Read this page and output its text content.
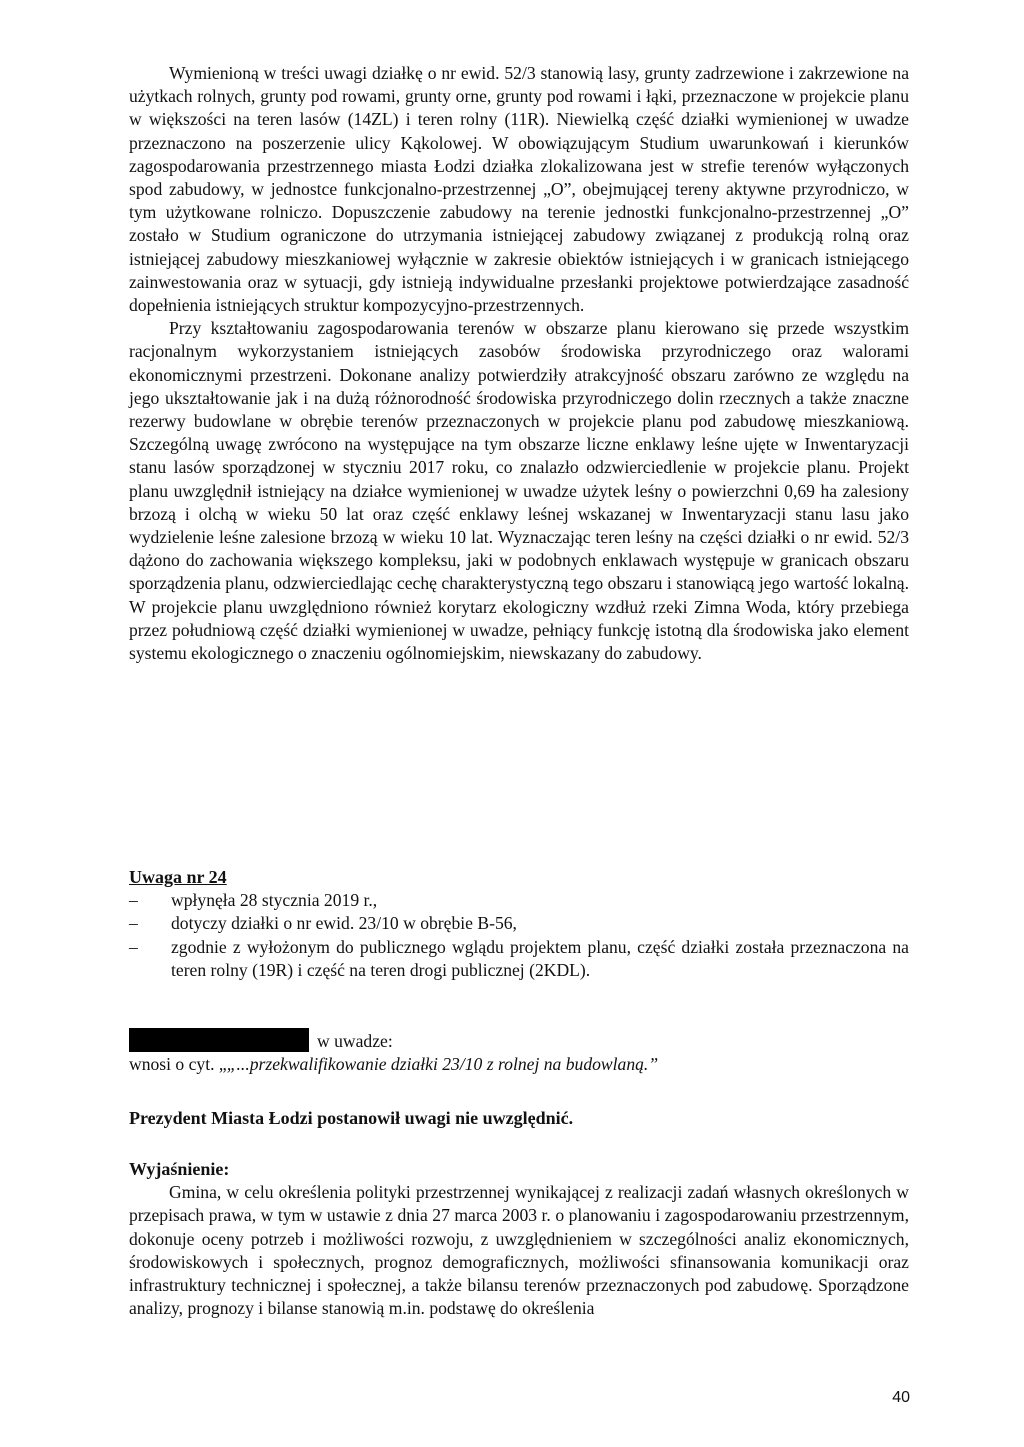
Wymienioną w treści uwagi działkę o nr ewid. 52/3 stanowią lasy, grunty zadrzewione i zakrzewione na użytkach rolnych, grunty pod rowami, grunty orne, grunty pod rowami i łąki, przeznaczone w projekcie planu w większości na teren lasów (14ZL) i teren rolny (11R). Niewielką część działki wymienionej w uwadze przeznaczono na poszerzenie ulicy Kąkolowej. W obowiązującym Studium uwarunkowań i kierunków zagospodarowania przestrzennego miasta Łodzi działka zlokalizowana jest w strefie terenów wyłączonych spod zabudowy, w jednostce funkcjonalno-przestrzennej „O”, obejmującej tereny aktywne przyrodniczo, w tym użytkowane rolniczo. Dopuszczenie zabudowy na terenie jednostki funkcjonalno-przestrzennej „O” zostało w Studium ograniczone do utrzymania istniejącej zabudowy związanej z produkcją rolną oraz istniejącej zabudowy mieszkaniowej wyłącznie w zakresie obiektów istniejących i w granicach istniejącego zainwestowania oraz w sytuacji, gdy istnieją indywidualne przesłanki projektowe potwierdzające zasadność dopełnienia istniejących struktur kompozycyjno-przestrzennych.

Przy kształtowaniu zagospodarowania terenów w obszarze planu kierowano się przede wszystkim racjonalnym wykorzystaniem istniejących zasobów środowiska przyrodniczego oraz walorami ekonomicznymi przestrzeni. Dokonane analizy potwierdziły atrakcyjność obszaru zarówno ze względu na jego ukształtowanie jak i na dużą różnorodność środowiska przyrodniczego dolin rzecznych a także znaczne rezerwy budowlane w obrębie terenów przeznaczonych w projekcie planu pod zabudowę mieszkaniową. Szczególną uwagę zwrócono na występujące na tym obszarze liczne enklawy leśne ujęte w Inwentaryzacji stanu lasów sporządzonej w styczniu 2017 roku, co znalazło odzwierciedlenie w projekcie planu. Projekt planu uwzględnił istniejący na działce wymienionej w uwadze użytek leśny o powierzchni 0,69 ha zalesiony brzozą i olchą w wieku 50 lat oraz część enklawy leśnej wskazanej w Inwentaryzacji stanu lasu jako wydzielenie leśne zalesione brzozą w wieku 10 lat. Wyznaczając teren leśny na części działki o nr ewid. 52/3 dążono do zachowania większego kompleksu, jaki w podobnych enklawach występuje w granicach obszaru sporządzenia planu, odzwierciedlając cechę charakterystyczną tego obszaru i stanowiącą jego wartość lokalną. W projekcie planu uwzględniono również korytarz ekologiczny wzdłuż rzeki Zimna Woda, który przebiega przez południową część działki wymienionej w uwadze, pełniący funkcję istotną dla środowiska jako element systemu ekologicznego o znaczeniu ogólnomiejskim, niewskazany do zabudowy.

Uwaga nr 24

–	wpłynęła 28 stycznia 2019 r.,
–	dotyczy działki o nr ewid. 23/10 w obrębie B-56,
–	zgodnie z wyłożonym do publicznego wglądu projektem planu, część działki została przeznaczona na teren rolny (19R) i część na teren drogi publicznej (2KDL).

w uwadze:

wnosi o cyt. „„...przekwalifikowanie działki 23/10 z rolnej na budowlaną.”

Prezydent Miasta Łodzi postanowił uwagi nie uwzględnić.

Wyjaśnienie:

Gmina, w celu określenia polityki przestrzennej wynikającej z realizacji zadań własnych określonych w przepisach prawa, w tym w ustawie z dnia 27 marca 2003 r. o planowaniu i zagospodarowaniu przestrzennym, dokonuje oceny potrzeb i możliwości rozwoju, z uwzględnieniem w szczególności analiz ekonomicznych, środowiskowych i społecznych, prognoz demograficznych, możliwości sfinansowania komunikacji oraz infrastruktury technicznej i społecznej, a także bilansu terenów przeznaczonych pod zabudowę. Sporządzone analizy, prognozy i bilanse stanowią m.in. podstawę do określenia

40
